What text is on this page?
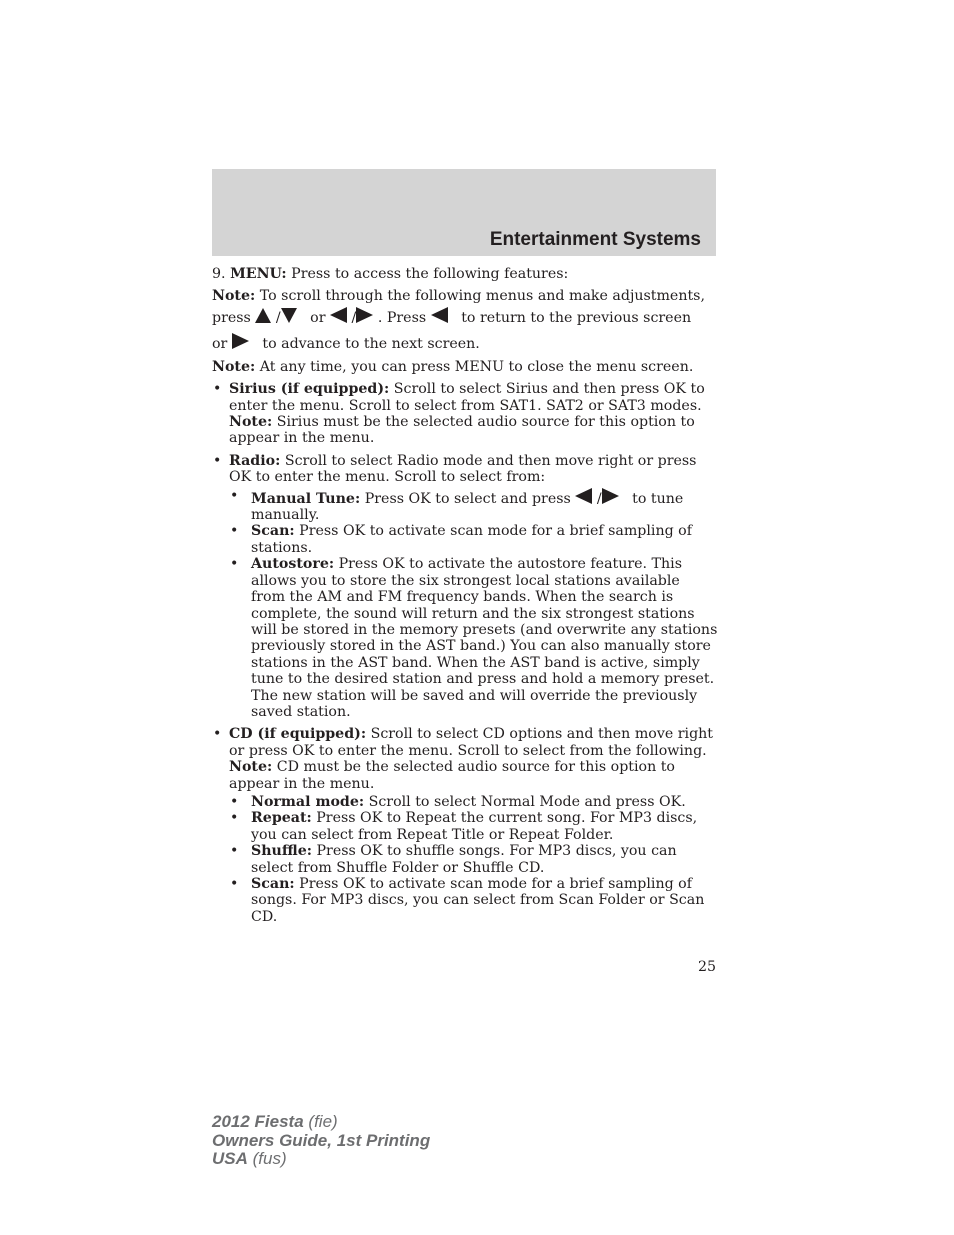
Entertainment Systems

9. MENU: Press to access the following features:

Note: To scroll through the following menus and make adjustments,

press / or / . Press to return to the previous screen

or to advance to the next screen.

Note: At any time, you can press MENU to close the menu screen.

• Sirius (if equipped): Scroll to select Sirius and then press OK to enter the menu. Scroll to select from SAT1. SAT2 or SAT3 modes. Note: Sirius must be the selected audio source for this option to appear in the menu.
• Radio: Scroll to select Radio mode and then move right or press OK to enter the menu. Scroll to select from:
• Manual Tune: Press OK to select and press / to tune manually.
• Scan: Press OK to activate scan mode for a brief sampling of stations.
• Autostore: Press OK to activate the autostore feature. This allows you to store the six strongest local stations available from the AM and FM frequency bands. When the search is complete, the sound will return and the six strongest stations will be stored in the memory presets (and overwrite any stations previously stored in the AST band.) You can also manually store stations in the AST band. When the AST band is active, simply tune to the desired station and press and hold a memory preset. The new station will be saved and will override the previously saved station.
• CD (if equipped): Scroll to select CD options and then move right or press OK to enter the menu. Scroll to select from the following. Note: CD must be the selected audio source for this option to appear in the menu.
• Normal mode: Scroll to select Normal Mode and press OK.
• Repeat: Press OK to Repeat the current song. For MP3 discs, you can select from Repeat Title or Repeat Folder.
• Shuffle: Press OK to shuffle songs. For MP3 discs, you can select from Shuffle Folder or Shuffle CD.
• Scan: Press OK to activate scan mode for a brief sampling of songs. For MP3 discs, you can select from Scan Folder or Scan CD.
25
2012 Fiesta (fie)
Owners Guide, 1st Printing
USA (fus)
